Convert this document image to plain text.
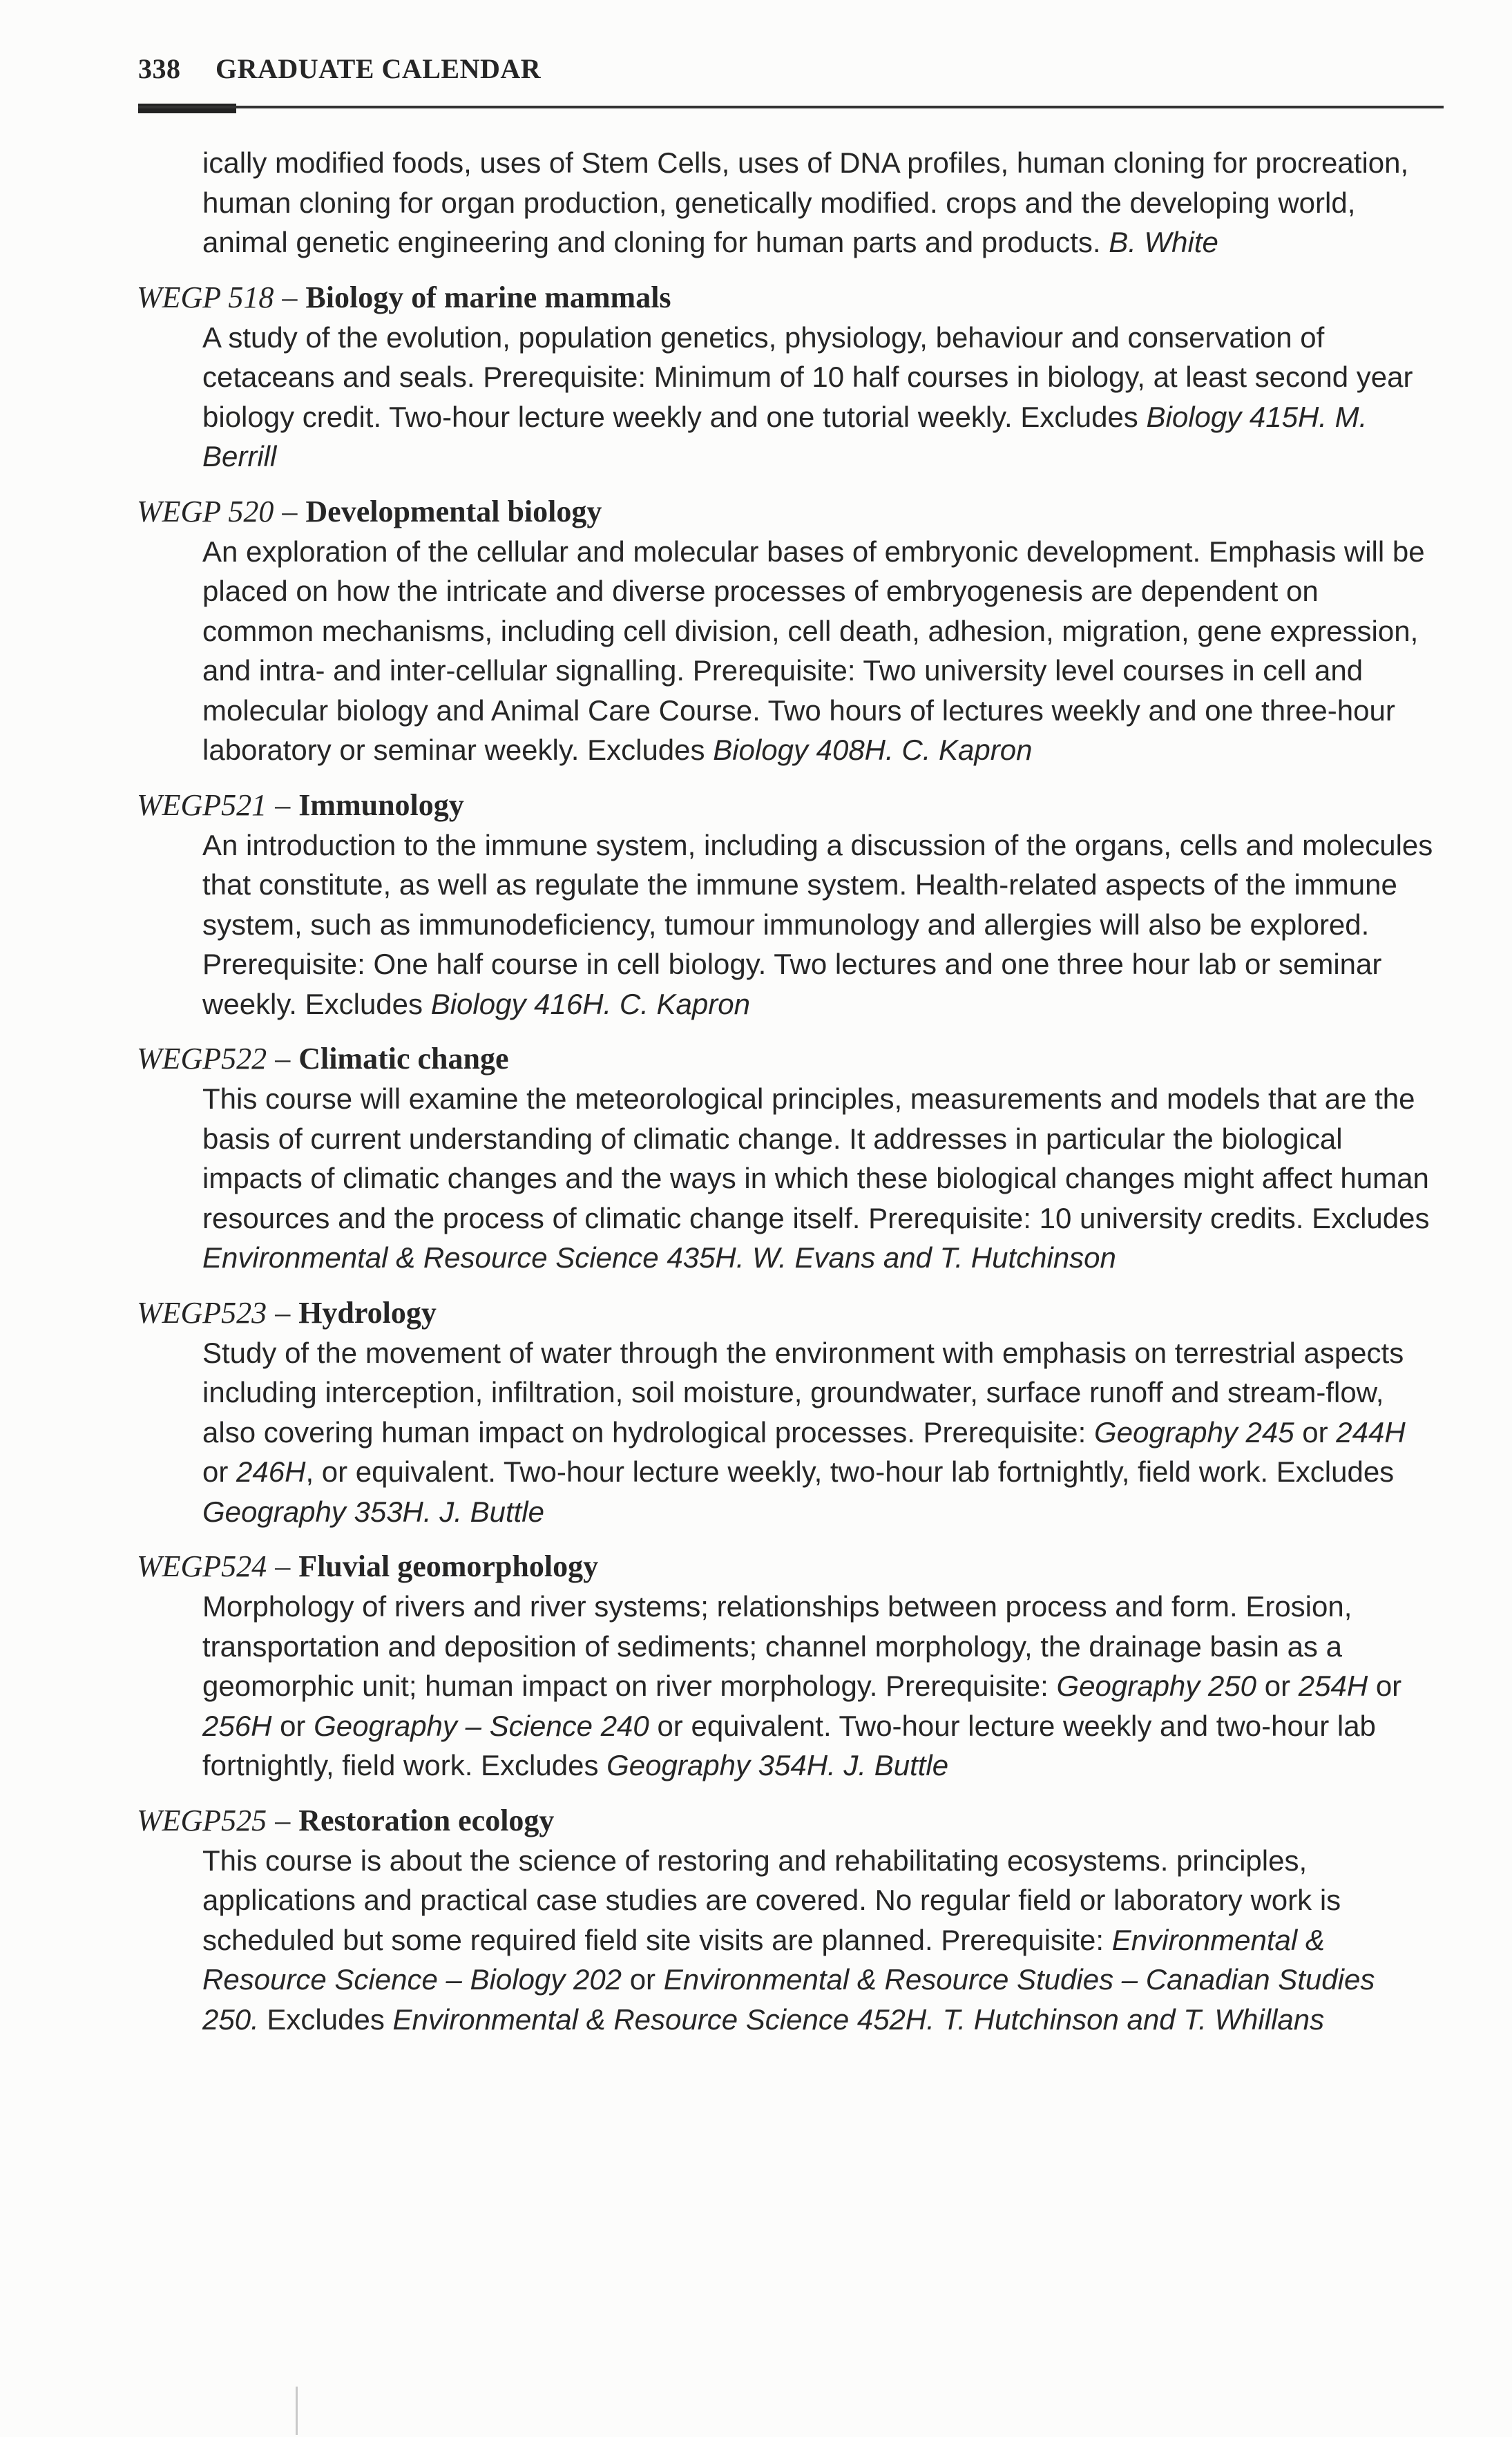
338 GRADUATE CALENDAR

ically modified foods, uses of Stem Cells, uses of DNA profiles, human cloning for procreation, human cloning for organ production, genetically modified. crops and the developing world, animal genetic engineering and cloning for human parts and products. B. White

WEGP 518 – Biology of marine mammals
A study of the evolution, population genetics, physiology, behaviour and conservation of cetaceans and seals. Prerequisite: Minimum of 10 half courses in biology, at least second year biology credit. Two-hour lecture weekly and one tutorial weekly. Excludes Biology 415H. M. Berrill
WEGP 520 – Developmental biology
An exploration of the cellular and molecular bases of embryonic development. Emphasis will be placed on how the intricate and diverse processes of embryogenesis are dependent on common mechanisms, including cell division, cell death, adhesion, migration, gene expression, and intra- and inter-cellular signalling. Prerequisite: Two university level courses in cell and molecular biology and Animal Care Course. Two hours of lectures weekly and one three-hour laboratory or seminar weekly. Excludes Biology 408H. C. Kapron
WEGP521 – Immunology
An introduction to the immune system, including a discussion of the organs, cells and molecules that constitute, as well as regulate the immune system. Health-related aspects of the immune system, such as immunodeficiency, tumour immunology and allergies will also be explored. Prerequisite: One half course in cell biology. Two lectures and one three hour lab or seminar weekly. Excludes Biology 416H. C. Kapron
WEGP522 – Climatic change
This course will examine the meteorological principles, measurements and models that are the basis of current understanding of climatic change. It addresses in particular the biological impacts of climatic changes and the ways in which these biological changes might affect human resources and the process of climatic change itself. Prerequisite: 10 university credits. Excludes Environmental & Resource Science 435H. W. Evans and T. Hutchinson
WEGP523 – Hydrology
Study of the movement of water through the environment with emphasis on terrestrial aspects including interception, infiltration, soil moisture, groundwater, surface runoff and stream-flow, also covering human impact on hydrological processes. Prerequisite: Geography 245 or 244H or 246H, or equivalent. Two-hour lecture weekly, two-hour lab fortnightly, field work. Excludes Geography 353H. J. Buttle
WEGP524 – Fluvial geomorphology
Morphology of rivers and river systems; relationships between process and form. Erosion, transportation and deposition of sediments; channel morphology, the drainage basin as a geomorphic unit; human impact on river morphology. Prerequisite: Geography 250 or 254H or 256H or Geography – Science 240 or equivalent. Two-hour lecture weekly and two-hour lab fortnightly, field work. Excludes Geography 354H. J. Buttle
WEGP525 – Restoration ecology
This course is about the science of restoring and rehabilitating ecosystems. principles, applications and practical case studies are covered. No regular field or laboratory work is scheduled but some required field site visits are planned. Prerequisite: Environmental & Resource Science – Biology 202 or Environmental & Resource Studies – Canadian Studies 250. Excludes Environmental & Resource Science 452H. T. Hutchinson and T. Whillans
